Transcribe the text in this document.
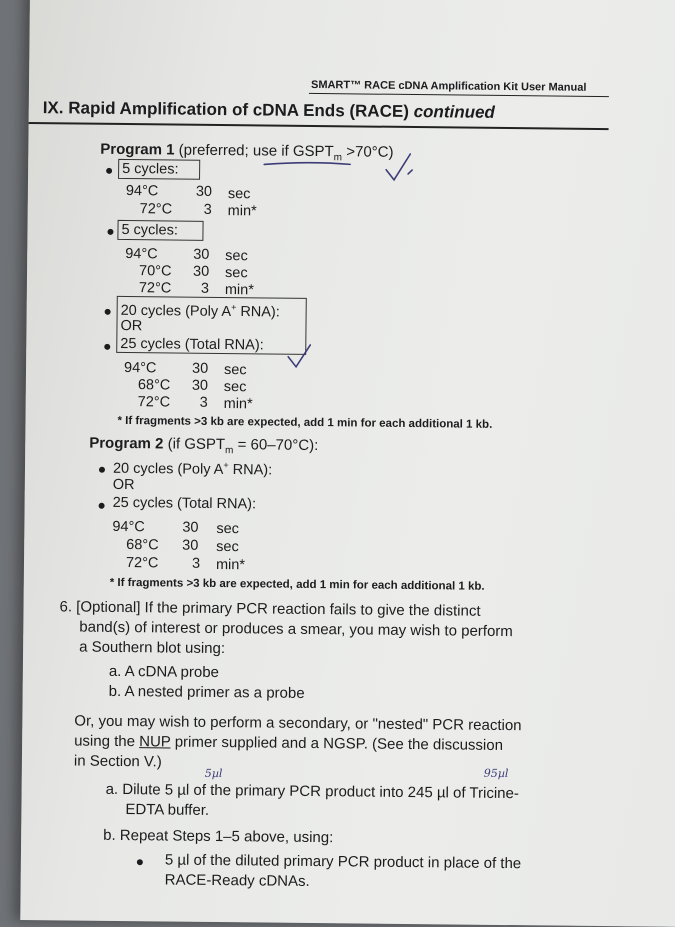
SMART™ RACE cDNA Amplification Kit User Manual
IX. Rapid Amplification of cDNA Ends (RACE) continued
Program 1 (preferred; use if $GSPT_m >70^\circ C$)
5 cycles:
94°C	30 sec
72°C 3 min*
5 cycles:
94°C 30 sec
70°C 30 sec
72°C 3 min*
20 cycles (Poly A+ RNA):
OR
25 cycles (Total RNA):
94°C 30 sec
68°C 30 sec
72°C 3 min*
* If fragments >3 kb are expected, add 1 min for each additional 1 kb.
Program 2 (if $GSPT_m = 60-70^\circ C$):
20 cycles (Poly A+ RNA):
OR
25 cycles (Total RNA):
94°C	30 sec
68°C 30 sec
72°C 3 min*
* If fragments >3 kb are expected, add 1 min for each additional 1 kb.
6. [Optional] If the primary PCR reaction fails to give the distinct
band(s) of interest or produces a smear, you may wish to perform
a Southern blot using:
a. A cDNA probe
b. A nested primer as a probe
Or, you may wish to perform a secondary, or "nested" PCR reaction
using the NUP primer supplied and a NGSP. (See the discussion
in Section V.)
a. Dilute 5 µl of the primary PCR product into 245 µl of Tricine-
EDTA buffer.
b. Repeat Steps 1–5 above, using:
5 µl of the diluted primary PCR product in place of the
RACE-Ready cDNAs.
5µl	95µl
